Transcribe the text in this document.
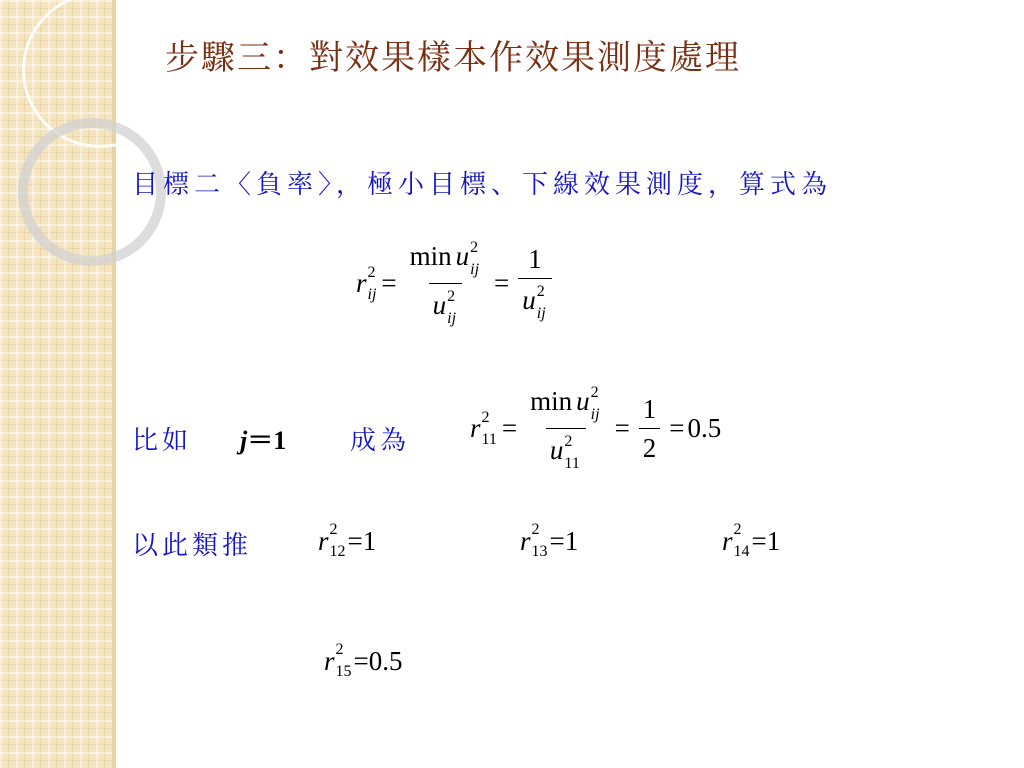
步驟三：對效果樣本作效果測度處理
目標二〈負率〉，極小目標、下線效果測度，算式為
r 2
ij = min u 2
ij
u 2
ij = 1
u 2
ij
比如 j＝1 成為 r 2
11 = min u 2
ij
u 2
$11 = \frac{1}{2} = 0.5$
以此類推 r 2
12 = 1	r 2
13 = 1	r 2
14 = 1
r 2
15 = 0.5
